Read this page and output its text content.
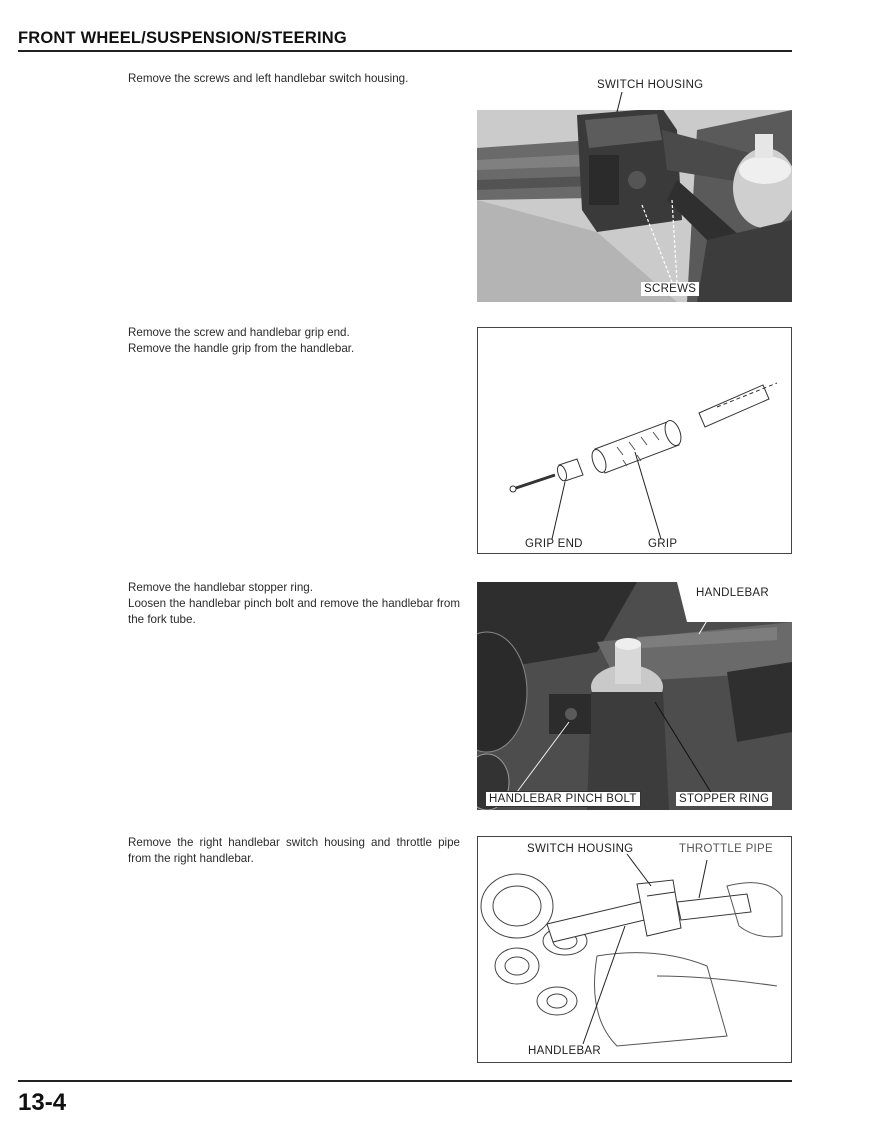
FRONT WHEEL/SUSPENSION/STEERING

Remove the screws and left handlebar switch housing.	SWITCH HOUSING
SCREWS

Remove the screw and handlebar grip end.

Remove the handle grip from the handlebar.

GRIP END	GRIP

Remove the handlebar stopper ring.

Loosen the handlebar pinch bolt and remove the handlebar from the fork tube.

HANDLEBAR
HANDLEBAR PINCH BOLT	STOPPER RING

Remove the right handlebar switch housing and throttle pipe from the right handlebar.

SWITCH HOUSING	THROTTLE PIPE
HANDLEBAR
13-4
